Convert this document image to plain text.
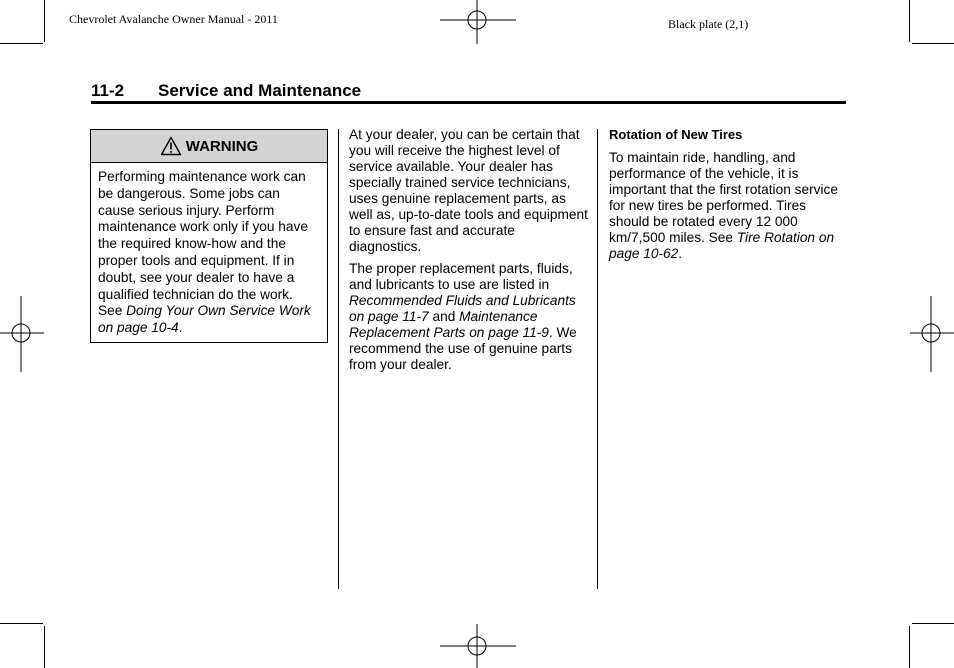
Chevrolet Avalanche Owner Manual - 2011	Black plate (2,1)
11-2 Service and Maintenance
WARNING
Performing maintenance work can be dangerous. Some jobs can cause serious injury. Perform maintenance work only if you have the required know-how and the proper tools and equipment. If in doubt, see your dealer to have a qualified technician do the work. See Doing Your Own Service Work on page 10-4.

At your dealer, you can be certain that you will receive the highest level of service available. Your dealer has specially trained service technicians, uses genuine replacement parts, as well as, up-to-date tools and equipment to ensure fast and accurate diagnostics.

The proper replacement parts, fluids, and lubricants to use are listed in Recommended Fluids and Lubricants on page 11-7 and Maintenance Replacement Parts on page 11-9. We recommend the use of genuine parts from your dealer.

Rotation of New Tires

To maintain ride, handling, and performance of the vehicle, it is important that the first rotation service for new tires be performed. Tires should be rotated every 12 000 km/7,500 miles. See Tire Rotation on page 10-62.
